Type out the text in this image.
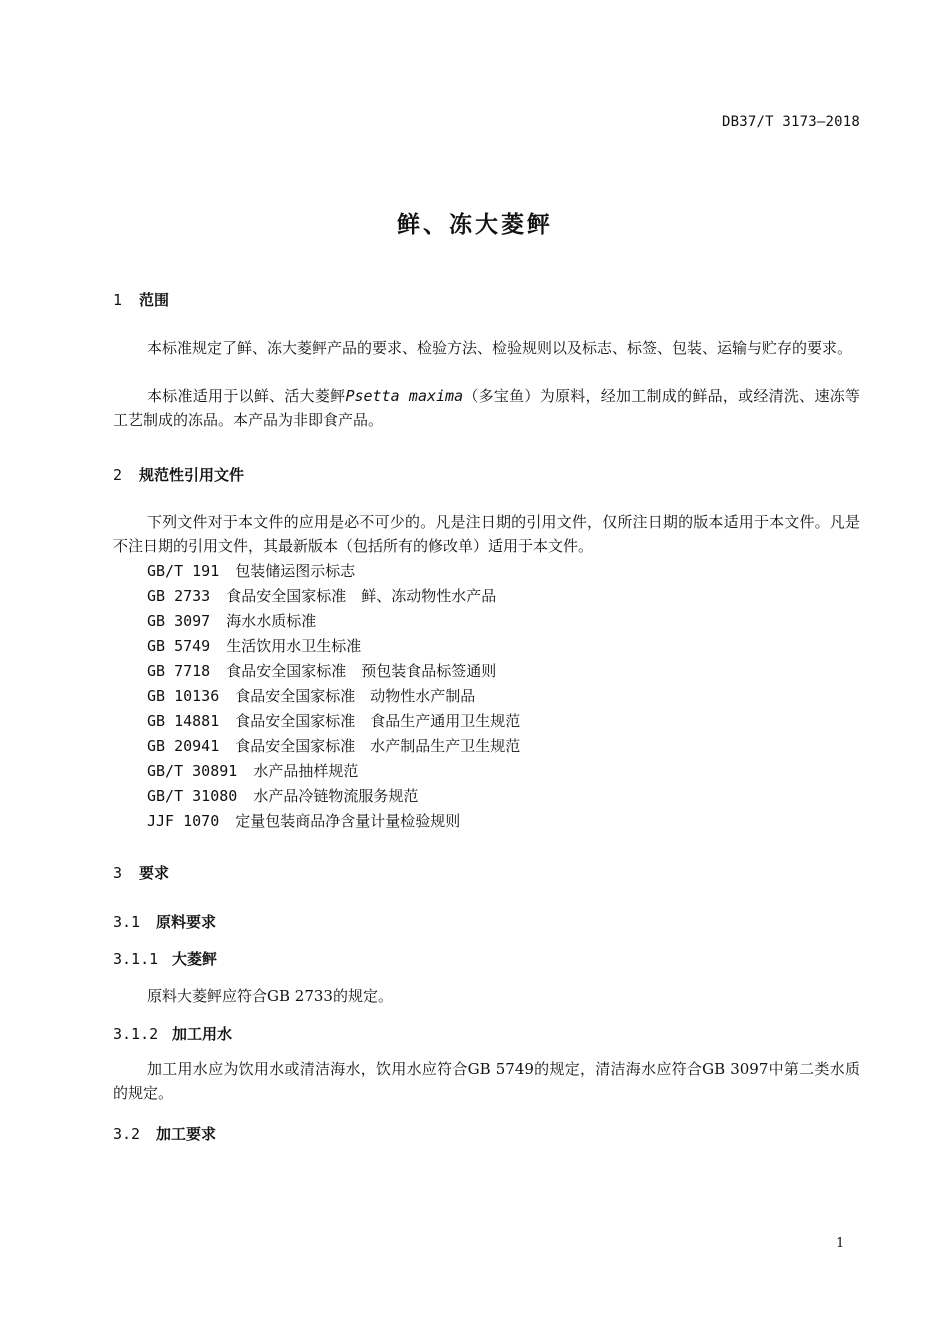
DB37/T 3173—2018
鲜、冻大菱鲆
1 范围
本标准规定了鲜、冻大菱鲆产品的要求、检验方法、检验规则以及标志、标签、包装、运输与贮存的要求。
本标准适用于以鲜、活大菱鲆Psetta maxima（多宝鱼）为原料，经加工制成的鲜品，或经清洗、速冻等工艺制成的冻品。本产品为非即食产品。
2 规范性引用文件
下列文件对于本文件的应用是必不可少的。凡是注日期的引用文件，仅所注日期的版本适用于本文件。凡是不注日期的引用文件，其最新版本（包括所有的修改单）适用于本文件。
GB/T 191 包装储运图示标志
GB 2733 食品安全国家标准　鲜、冻动物性水产品
GB 3097 海水水质标准
GB 5749 生活饮用水卫生标准
GB 7718 食品安全国家标准　预包装食品标签通则
GB 10136 食品安全国家标准　动物性水产制品
GB 14881 食品安全国家标准　食品生产通用卫生规范
GB 20941 食品安全国家标准　水产制品生产卫生规范
GB/T 30891 水产品抽样规范
GB/T 31080 水产品冷链物流服务规范
JJF 1070 定量包装商品净含量计量检验规则
3 要求
3.1 原料要求
3.1.1 大菱鲆
原料大菱鲆应符合GB 2733的规定。
3.1.2 加工用水
加工用水应为饮用水或清洁海水，饮用水应符合GB 5749的规定，清洁海水应符合GB 3097中第二类水质的规定。
3.2 加工要求
1
